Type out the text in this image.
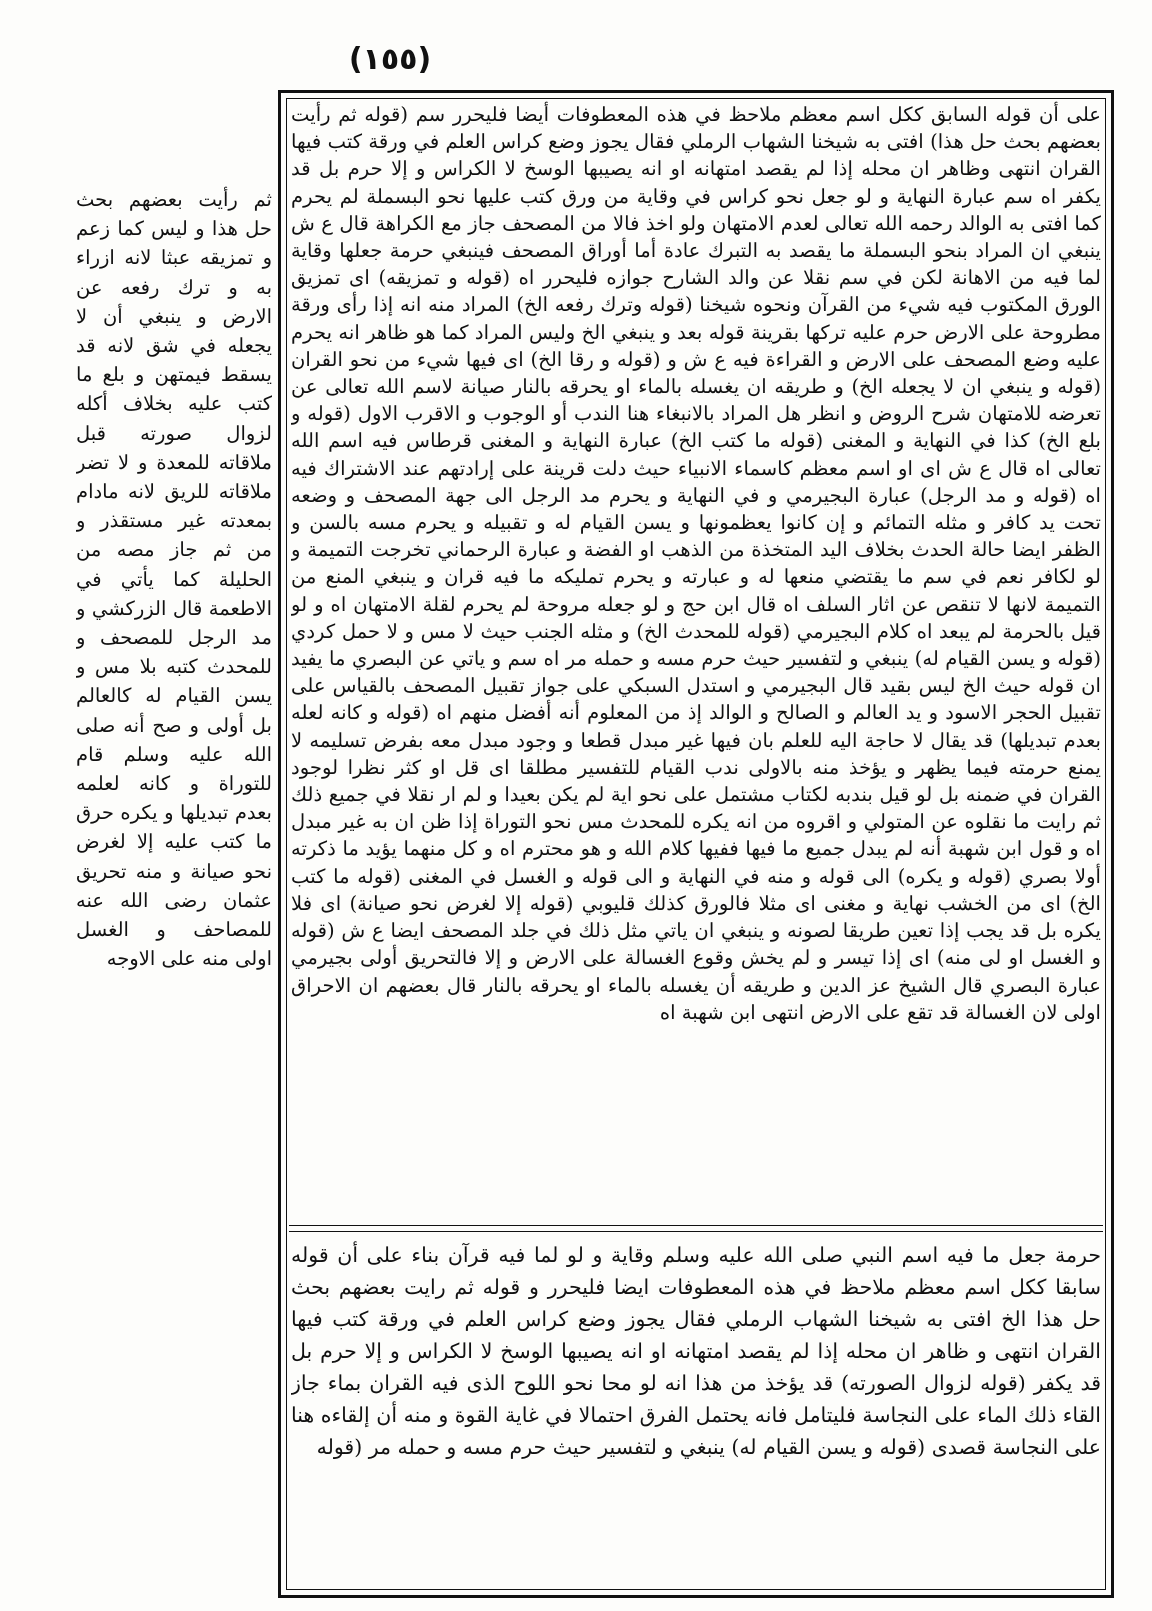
(١٥٥)

على أن قوله السابق ككل اسم معظم ملاحظ في هذه المعطوفات أيضا فليحرر سم (قوله ثم رأيت بعضهم بحث حل هذا) افتى به شيخنا الشهاب الرملي فقال يجوز وضع كراس العلم في ورقة كتب فيها القران انتهى وظاهر ان محله إذا لم يقصد امتهانه او انه يصيبها الوسخ لا الكراس و إلا حرم بل قد يكفر اه سم عبارة النهاية و لو جعل نحو كراس في وقاية من ورق كتب عليها نحو البسملة لم يحرم كما افتى به الوالد رحمه الله تعالى لعدم الامتهان ولو اخذ فالا من المصحف جاز مع الكراهة قال ع ش ينبغي ان المراد بنحو البسملة ما يقصد به التبرك عادة أما أوراق المصحف فينبغي حرمة جعلها وقاية لما فيه من الاهانة لكن في سم نقلا عن والد الشارح جوازه فليحرر اه (قوله و تمزيقه) اى تمزيق الورق المكتوب فيه شيء من القرآن ونحوه شيخنا (قوله وترك رفعه الخ) المراد منه انه إذا رأى ورقة مطروحة على الارض حرم عليه تركها بقرينة قوله بعد و ينبغي الخ وليس المراد كما هو ظاهر انه يحرم عليه وضع المصحف على الارض و القراءة فيه ع ش و (قوله و رقا الخ) اى فيها شيء من نحو القران (قوله و ينبغي ان لا يجعله الخ) و طريقه ان يغسله بالماء او يحرقه بالنار صيانة لاسم الله تعالى عن تعرضه للامتهان شرح الروض و انظر هل المراد بالانبغاء هنا الندب أو الوجوب و الاقرب الاول (قوله و بلع الخ) كذا في النهاية و المغنى (قوله ما كتب الخ) عبارة النهاية و المغنى قرطاس فيه اسم الله تعالى اه قال ع ش اى او اسم معظم كاسماء الانبياء حيث دلت قرينة على إرادتهم عند الاشتراك فيه اه (قوله و مد الرجل) عبارة البجيرمي و في النهاية و يحرم مد الرجل الى جهة المصحف و وضعه تحت يد كافر و مثله التمائم و إن كانوا يعظمونها و يسن القيام له و تقبيله و يحرم مسه بالسن و الظفر ايضا حالة الحدث بخلاف اليد المتخذة من الذهب او الفضة و عبارة الرحماني تخرجت التميمة و لو لكافر نعم في سم ما يقتضي منعها له و عبارته و يحرم تمليكه ما فيه قران و ينبغي المنع من التميمة لانها لا تنقص عن اثار السلف اه قال ابن حج و لو جعله مروحة لم يحرم لقلة الامتهان اه و لو قيل بالحرمة لم يبعد اه كلام البجيرمي (قوله للمحدث الخ) و مثله الجنب حيث لا مس و لا حمل كردي (قوله و يسن القيام له) ينبغي و لتفسير حيث حرم مسه و حمله مر اه سم و ياتي عن البصري ما يفيد ان قوله حيث الخ ليس بقيد قال البجيرمي و استدل السبكي على جواز تقبيل المصحف بالقياس على تقبيل الحجر الاسود و يد العالم و الصالح و الوالد إذ من المعلوم أنه أفضل منهم اه (قوله و كانه لعله بعدم تبديلها) قد يقال لا حاجة اليه للعلم بان فيها غير مبدل قطعا و وجود مبدل معه بفرض تسليمه لا يمنع حرمته فيما يظهر و يؤخذ منه بالاولى ندب القيام للتفسير مطلقا اى قل او كثر نظرا لوجود القران في ضمنه بل لو قيل بندبه لكتاب مشتمل على نحو اية لم يكن بعيدا و لم ار نقلا في جميع ذلك ثم رايت ما نقلوه عن المتولي و اقروه من انه يكره للمحدث مس نحو التوراة إذا ظن ان به غير مبدل اه و قول ابن شهبة أنه لم يبدل جميع ما فيها ففيها كلام الله و هو محترم اه و كل منهما يؤيد ما ذكرته أولا بصري (قوله و يكره) الى قوله و منه في النهاية و الى قوله و الغسل في المغنى (قوله ما كتب الخ) اى من الخشب نهاية و مغنى اى مثلا فالورق كذلك قليوبي (قوله إلا لغرض نحو صيانة) اى فلا يكره بل قد يجب إذا تعين طريقا لصونه و ينبغي ان ياتي مثل ذلك في جلد المصحف ايضا ع ش (قوله و الغسل او لى منه) اى إذا تيسر و لم يخش وقوع الغسالة على الارض و إلا فالتحريق أولى بجيرمي عبارة البصري قال الشيخ عز الدين و طريقه أن يغسله بالماء او يحرقه بالنار قال بعضهم ان الاحراق اولى لان الغسالة قد تقع على الارض انتهى ابن شهبة اه

حرمة جعل ما فيه اسم النبي صلى الله عليه وسلم وقاية و لو لما فيه قرآن بناء على أن قوله سابقا ككل اسم معظم ملاحظ في هذه المعطوفات ايضا فليحرر و قوله ثم رايت بعضهم بحث حل هذا الخ افتى به شيخنا الشهاب الرملي فقال يجوز وضع كراس العلم في ورقة كتب فيها القران انتهى و ظاهر ان محله إذا لم يقصد امتهانه او انه يصيبها الوسخ لا الكراس و إلا حرم بل قد يكفر (قوله لزوال الصورته) قد يؤخذ من هذا انه لو محا نحو اللوح الذى فيه القران بماء جاز القاء ذلك الماء على النجاسة فليتامل فانه يحتمل الفرق احتمالا في غاية القوة و منه أن إلقاءه هنا على النجاسة قصدى (قوله و يسن القيام له) ينبغي و لتفسير حيث حرم مسه و حمله مر (قوله

ثم رأيت بعضهم بحث حل هذا و ليس كما زعم و تمزيقه عبثا لانه ازراء به و ترك رفعه عن الارض و ينبغي أن لا يجعله في شق لانه قد يسقط فيمتهن و بلع ما كتب عليه بخلاف أكله لزوال صورته قبل ملاقاته للمعدة و لا تضر ملاقاته للريق لانه مادام بمعدته غير مستقذر و من ثم جاز مصه من الحليلة كما يأتي في الاطعمة قال الزركشي و مد الرجل للمصحف و للمحدث كتبه بلا مس و يسن القيام له كالعالم بل أولى و صح أنه صلى الله عليه وسلم قام للتوراة و كانه لعلمه بعدم تبديلها و يكره حرق ما كتب عليه إلا لغرض نحو صيانة و منه تحريق عثمان رضى الله عنه للمصاحف و الغسل اولى منه على الاوجه
